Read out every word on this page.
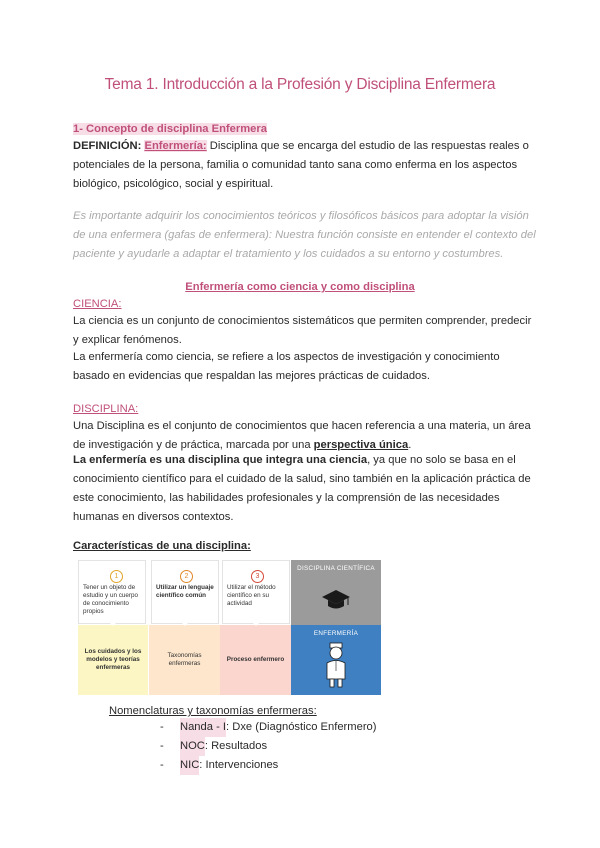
Tema 1. Introducción a la Profesión y Disciplina Enfermera
1- Concepto de disciplina Enfermera
DEFINICIÓN: Enfermería: Disciplina que se encarga del estudio de las respuestas reales o potenciales de la persona, familia o comunidad tanto sana como enferma en los aspectos biológico, psicológico, social y espiritual.
Es importante adquirir los conocimientos teóricos y filosóficos básicos para adoptar la visión de una enfermera (gafas de enfermera): Nuestra función consiste en entender el contexto del paciente y ayudarle a adaptar el tratamiento y los cuidados a su entorno y costumbres.
Enfermería como ciencia y como disciplina
CIENCIA:
La ciencia es un conjunto de conocimientos sistemáticos que permiten comprender, predecir y explicar fenómenos.
La enfermería como ciencia, se refiere a los aspectos de investigación y conocimiento basado en evidencias que respaldan las mejores prácticas de cuidados.
DISCIPLINA:
Una Disciplina es el conjunto de conocimientos que hacen referencia a una materia, un área de investigación y de práctica, marcada por una perspectiva única.
La enfermería es una disciplina que integra una ciencia, ya que no solo se basa en el conocimiento científico para el cuidado de la salud, sino también en la aplicación práctica de este conocimiento, las habilidades profesionales y la comprensión de las necesidades humanas en diversos contextos.
Características de una disciplina:
1
Tener un objeto de estudio y un cuerpo de conocimiento propios
2
Utilizar un lenguaje científico común
3
Utilizar el método científico en su actividad
Los cuidados y los modelos y teorías enfermeras
Taxonomías enfermeras
Proceso enfermero
DISCIPLINA CIENTÍFICA
ENFERMERÍA
Nomenclaturas y taxonomías enfermeras:
-	Nanda - I : Dxe (Diagnóstico Enfermero)
-	NOC : Resultados
-	NIC : Intervenciones
